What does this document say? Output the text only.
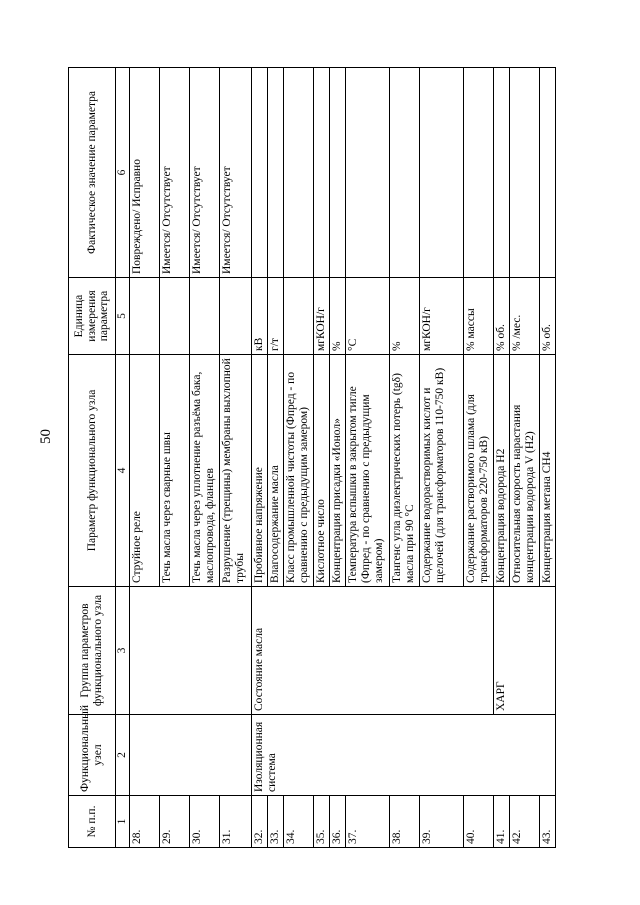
50
№ п.п.	Функциональный узел	Группа параметров функционального узла	Параметр функционального узла	Единица измерения параметра	Фактическое значение параметра
1	2	3	4	5	6
28.			Струйное реле		Повреждено/ Исправно
29.			Течь масла через сварные швы		Имеется/ Отсутствует
30.			Течь масла через уплотнение разъёма бака, маслопровода, фланцев		Имеется/ Отсутствует
31.			Разрушение (трещины) мембраны выхлопной трубы		Имеется/ Отсутствует
32.	Изоляционная система	Состояние масла	Пробивное напряжение	кВ	
33.			Влагосодержание масла	г/т	
34.			Класс промышленной чистоты (Фпред - по сравнению с предыдущим замером)		
35.			Кислотное число	мгКОН/г	
36.			Концентрация присадки «Ионол»	%	
37.			Температура вспышки в закрытом тигле (Фпред - по сравнению с предыдущим замером)	°С	
38.			Тангенс угла диэлектрических потерь (tgδ) масла при 90 °С	%	
39.			Содержание водорастворимых кислот и щелочей (для трансформаторов 110-750 кВ)	мгКОН/г	
40.			Содержание растворимого шлама (для трансформаторов 220-750 кВ)	% массы	
41.		ХАРГ	Концентрация водорода Н2	% об.	
42.			Относительная скорость нарастания концентрации водорода V (Н2)	% /мес.	
43.			Концентрация метана СН4	% об.	
